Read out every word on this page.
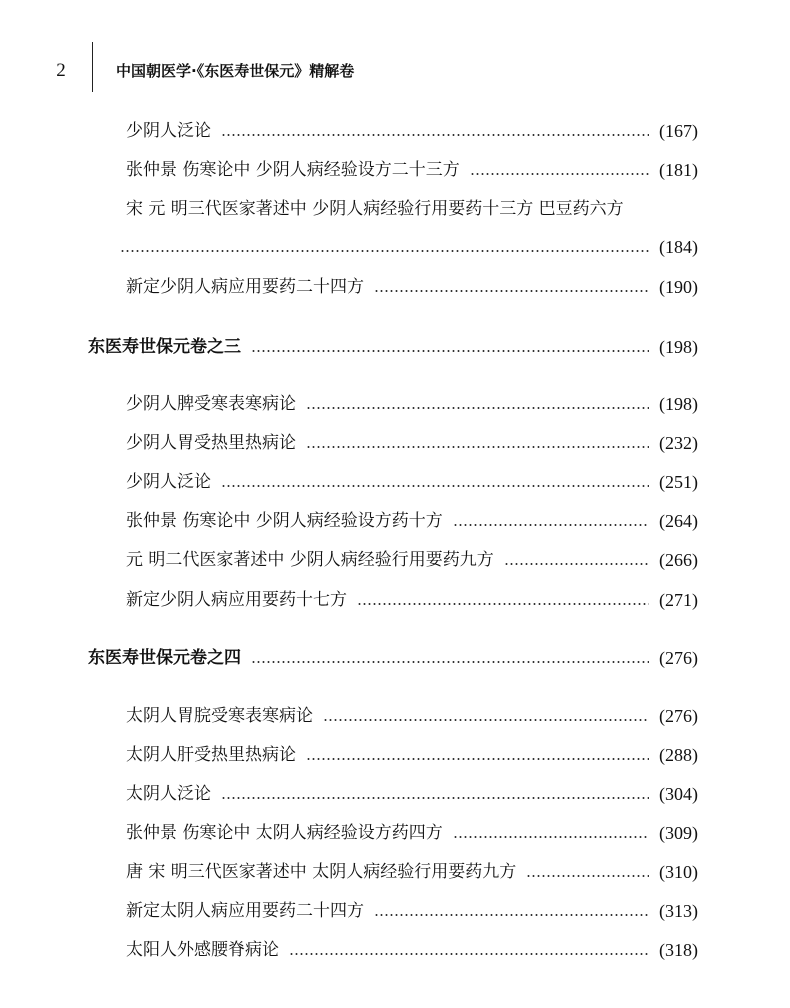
2	中国朝医学·《东医寿世保元》精解卷
少阴人泛论	(167)
张仲景 伤寒论中 少阴人病经验设方二十三方	(181)
宋 元 明三代医家著述中 少阴人病经验行用要药十三方 巴豆药六方
(184)
新定少阴人病应用要药二十四方	(190)
东医寿世保元卷之三	(198)
少阴人脾受寒表寒病论	(198)
少阴人胃受热里热病论	(232)
少阴人泛论	(251)
张仲景 伤寒论中 少阴人病经验设方药十方	(264)
元 明二代医家著述中 少阴人病经验行用要药九方	(266)
新定少阴人病应用要药十七方	(271)
东医寿世保元卷之四	(276)
太阴人胃脘受寒表寒病论	(276)
太阴人肝受热里热病论	(288)
太阴人泛论	(304)
张仲景 伤寒论中 太阴人病经验设方药四方	(309)
唐 宋 明三代医家著述中 太阴人病经验行用要药九方	(310)
新定太阴人病应用要药二十四方	(313)
太阳人外感腰脊病论	(318)
